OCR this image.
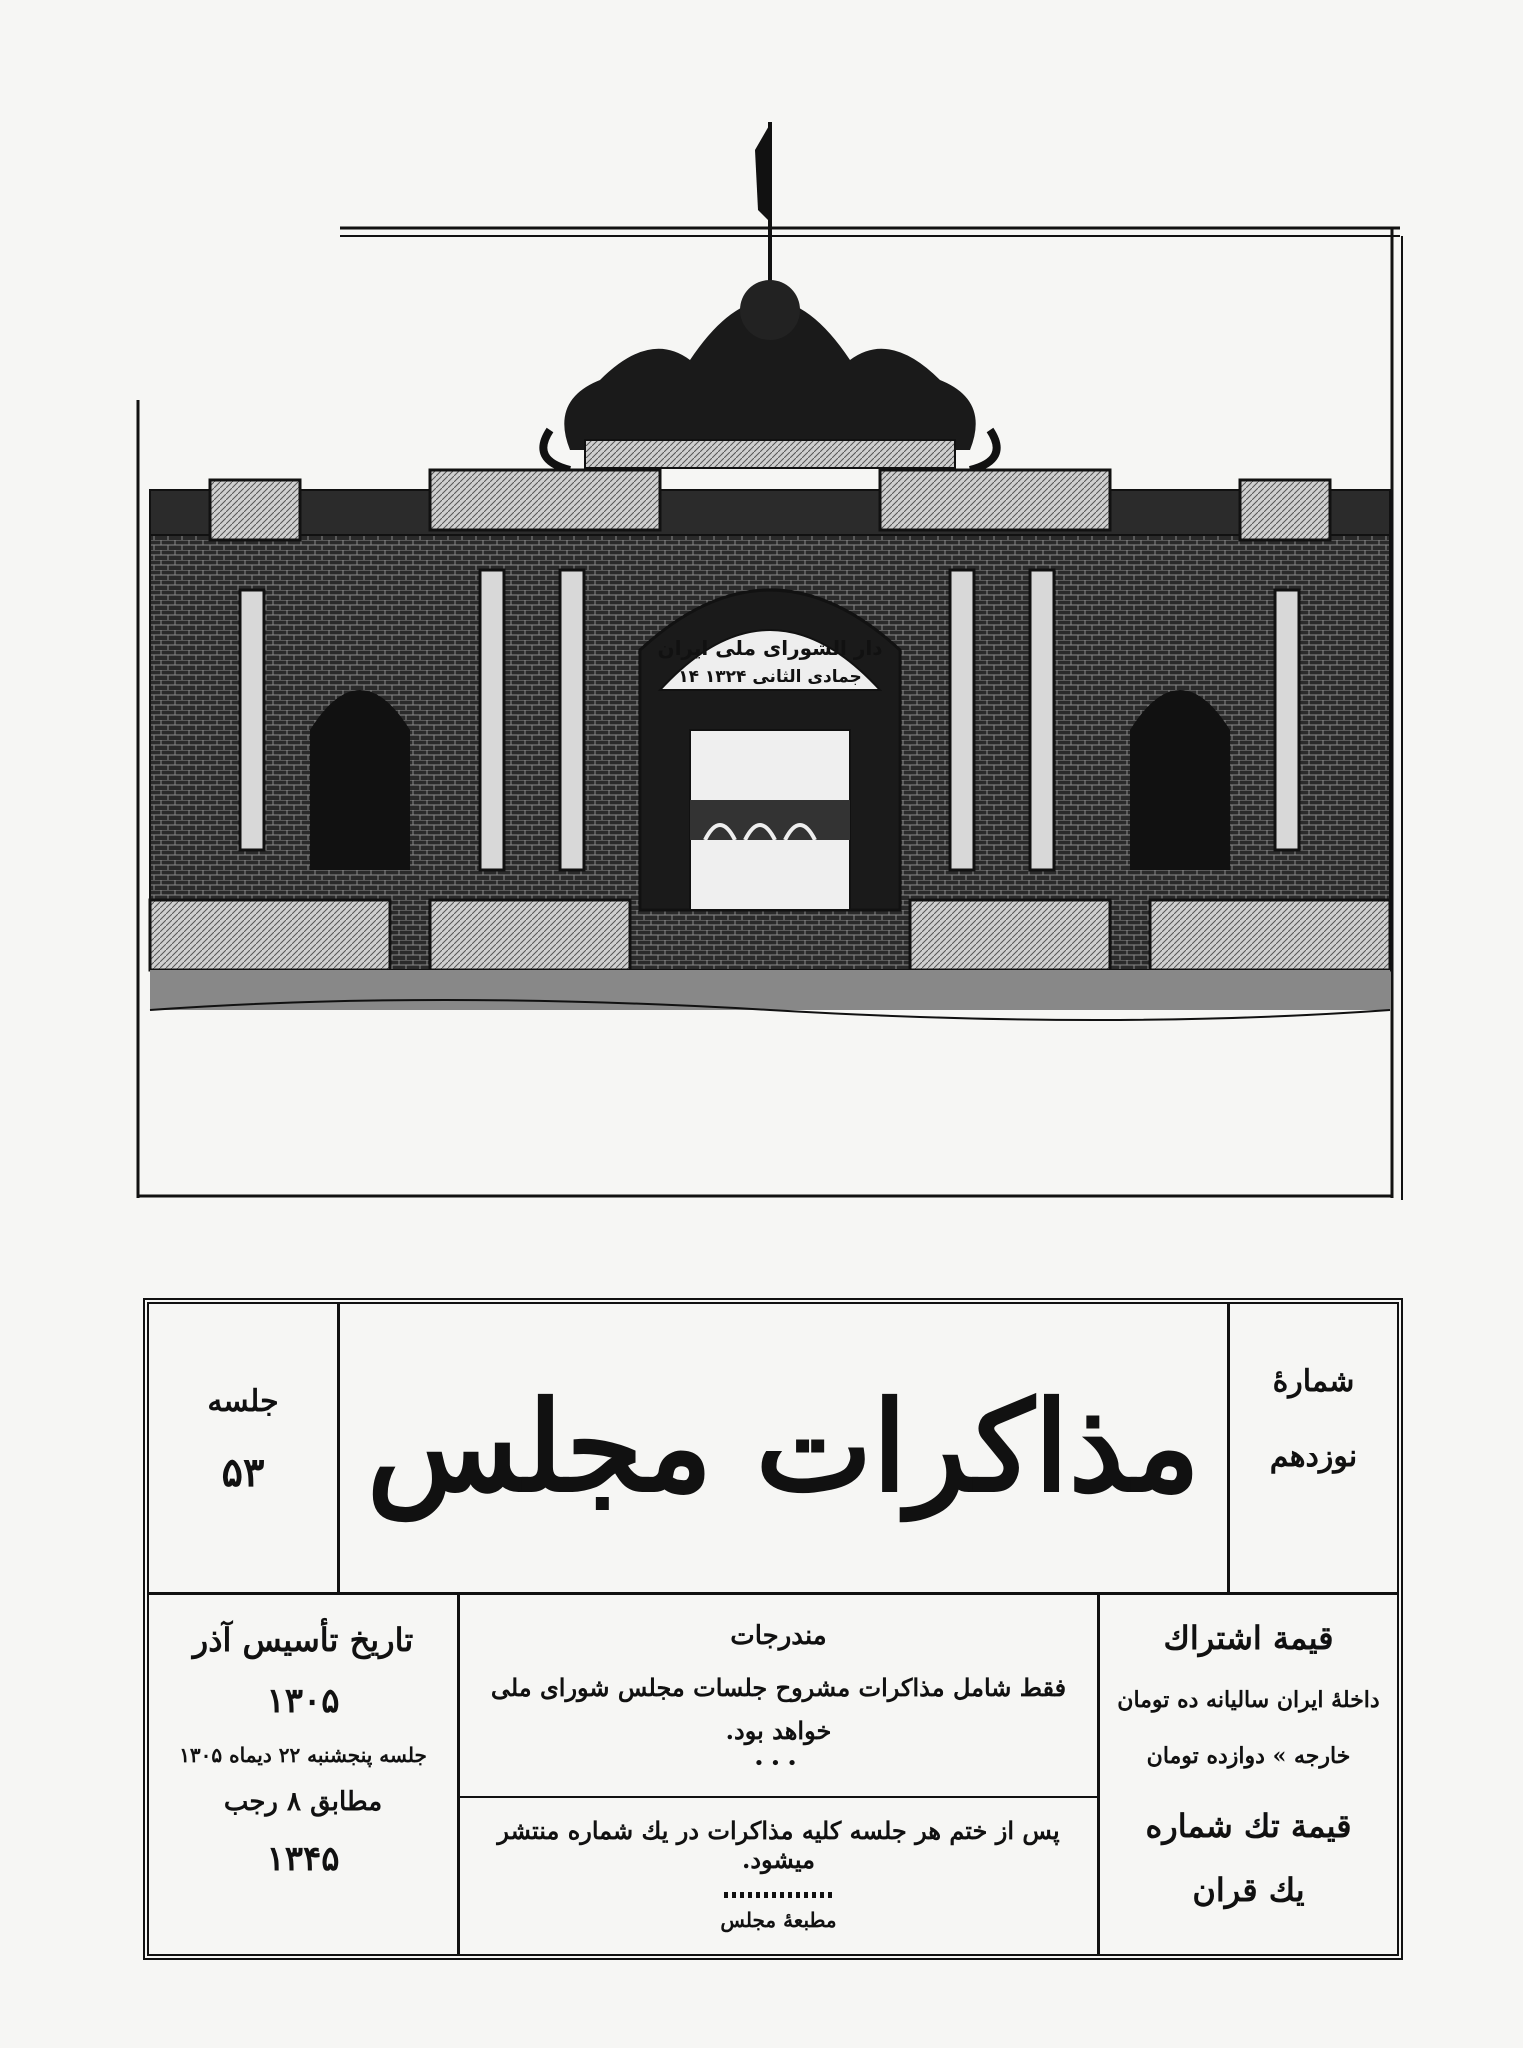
دار الشورای ملی ایران
۱۴ جمادی الثانی ۱۳۲۴
شمارهٔ
نوزدهم
مذاکرات مجلس
جلسه
۵۳
قیمة اشتراك
داخلهٔ ایران سالیانه ده تومان
خارجه » دوازده تومان
قیمة تك شماره
یك قران
مندرجات
فقط شامل مذاکرات مشروح جلسات مجلس شورای ملی
خواهد بود.
•••
پس از ختم هر جلسه کلیه مذاکرات در یك شماره منتشر میشود.
مطبعهٔ مجلس
تاریخ تأسیس آذر
۱۳۰۵
جلسه پنجشنبه ۲۲ دیماه ۱۳۰۵
مطابق ۸ رجب
۱۳۴۵
